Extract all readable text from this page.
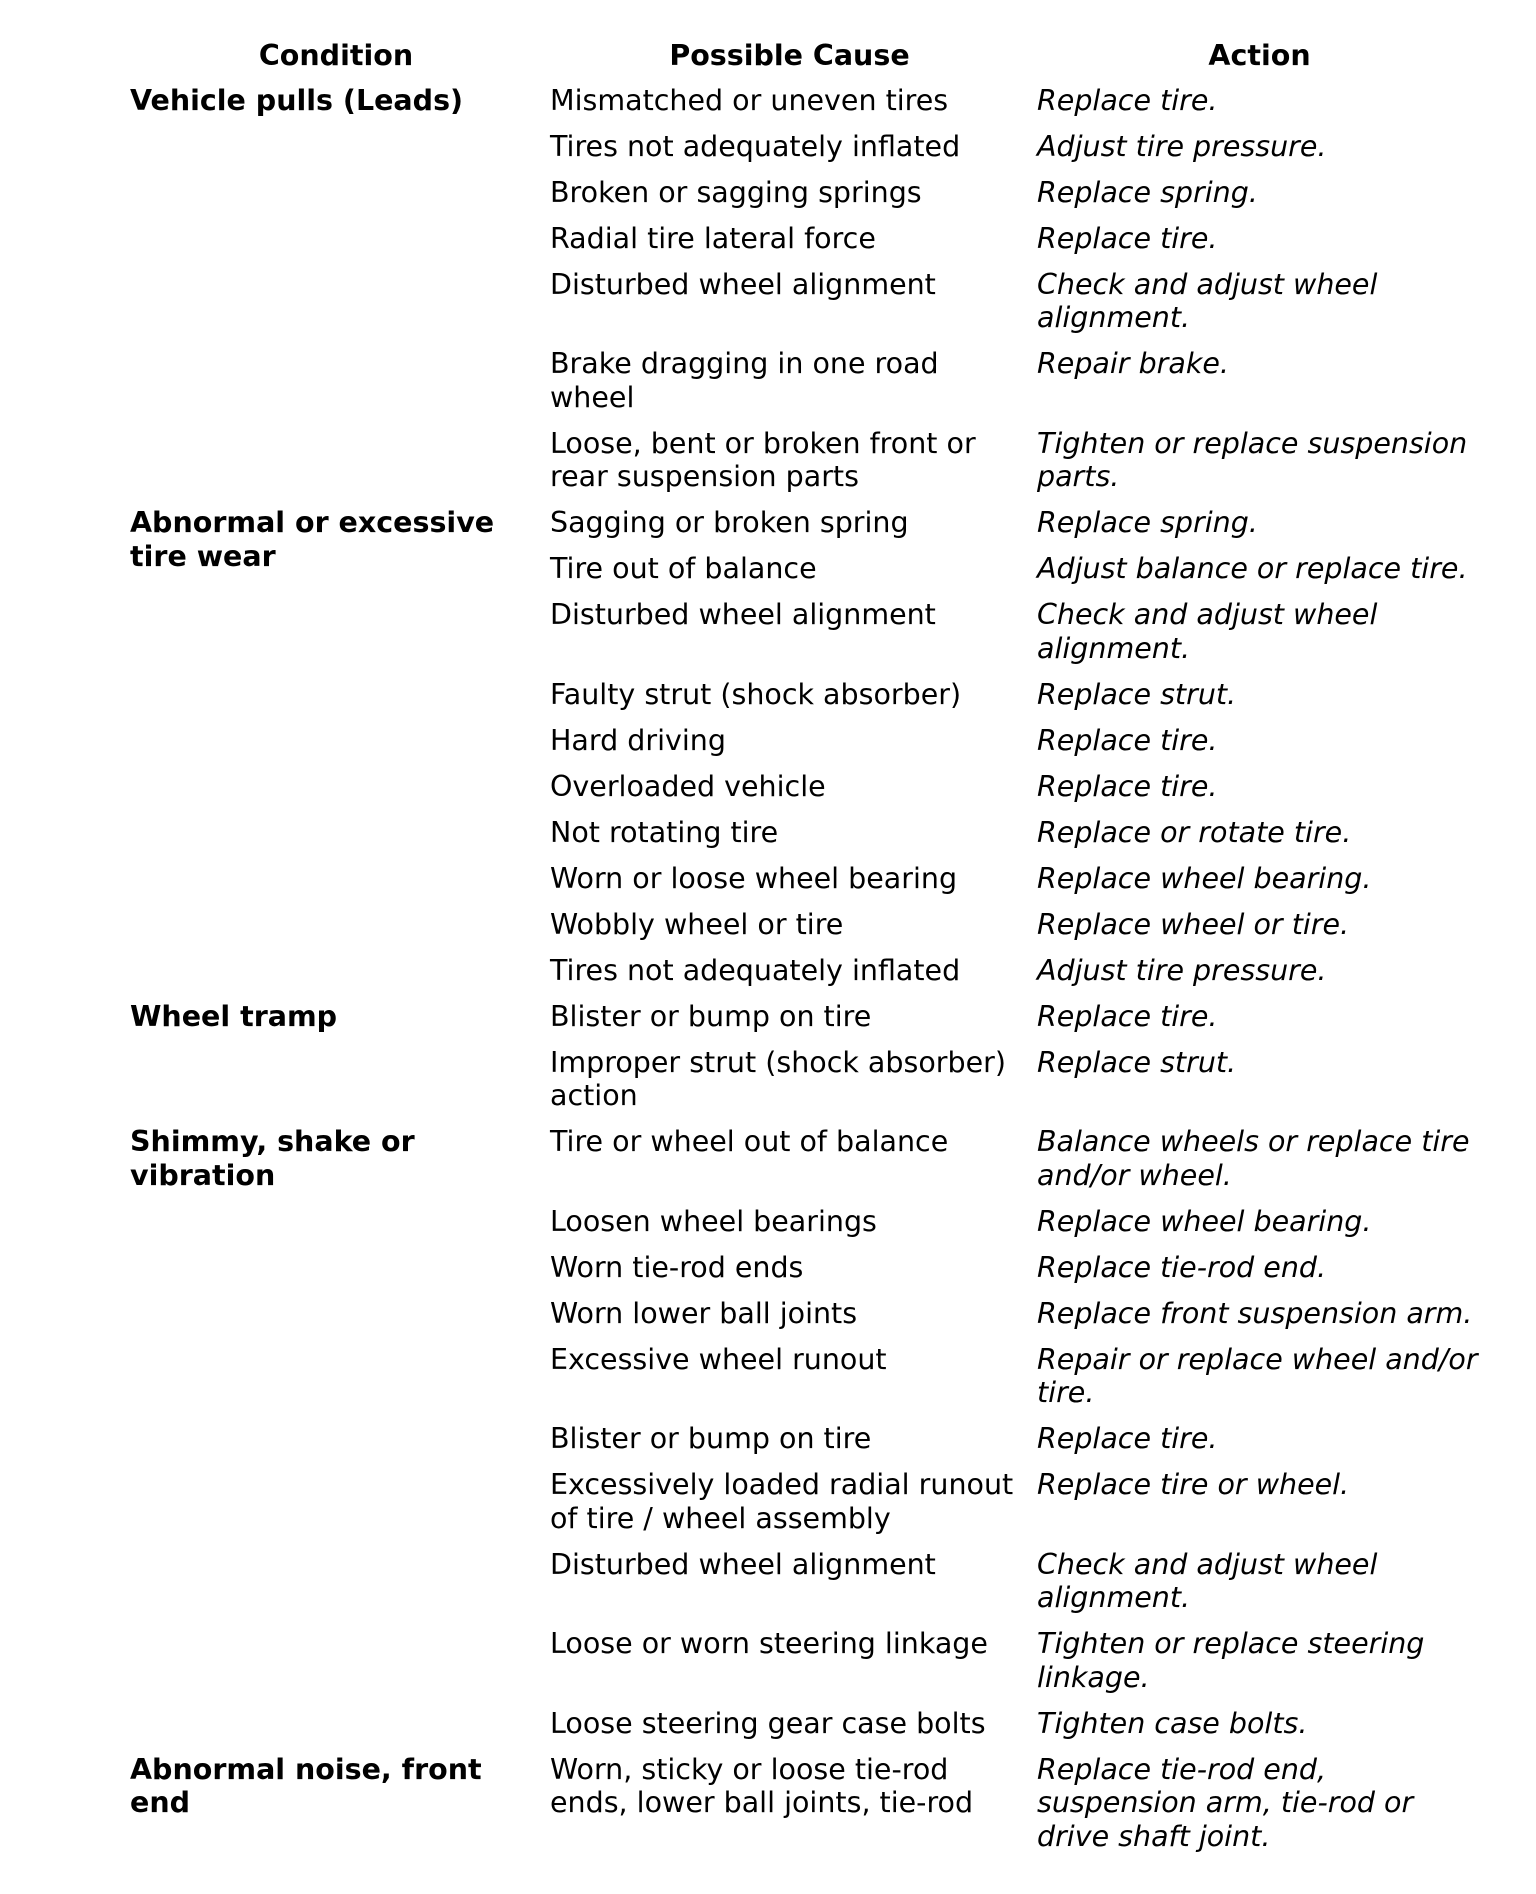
Condition	Possible Cause	Action
Vehicle pulls (Leads)	Mismatched or uneven tires	Replace tire.
	Tires not adequately inflated	Adjust tire pressure.
	Broken or sagging springs	Replace spring.
	Radial tire lateral force	Replace tire.
	Disturbed wheel alignment	Check and adjust wheel alignment.
	Brake dragging in one road wheel	Repair brake.
	Loose, bent or broken front or rear suspension parts	Tighten or replace suspension parts.
Abnormal or excessive tire wear	Sagging or broken spring	Replace spring.
	Tire out of balance	Adjust balance or replace tire.
	Disturbed wheel alignment	Check and adjust wheel alignment.
	Faulty strut (shock absorber)	Replace strut.
	Hard driving	Replace tire.
	Overloaded vehicle	Replace tire.
	Not rotating tire	Replace or rotate tire.
	Worn or loose wheel bearing	Replace wheel bearing.
	Wobbly wheel or tire	Replace wheel or tire.
	Tires not adequately inflated	Adjust tire pressure.
Wheel tramp	Blister or bump on tire	Replace tire.
	Improper strut (shock absorber) action	Replace strut.
Shimmy, shake or vibration	Tire or wheel out of balance	Balance wheels or replace tire and/or wheel.
	Loosen wheel bearings	Replace wheel bearing.
	Worn tie-rod ends	Replace tie-rod end.
	Worn lower ball joints	Replace front suspension arm.
	Excessive wheel runout	Repair or replace wheel and/or tire.
	Blister or bump on tire	Replace tire.
	Excessively loaded radial runout of tire / wheel assembly	Replace tire or wheel.
	Disturbed wheel alignment	Check and adjust wheel alignment.
	Loose or worn steering linkage	Tighten or replace steering linkage.
	Loose steering gear case bolts	Tighten case bolts.
Abnormal noise, front end	Worn, sticky or loose tie-rod ends, lower ball joints, tie-rod	Replace tie-rod end, suspension arm, tie-rod or drive shaft joint.
